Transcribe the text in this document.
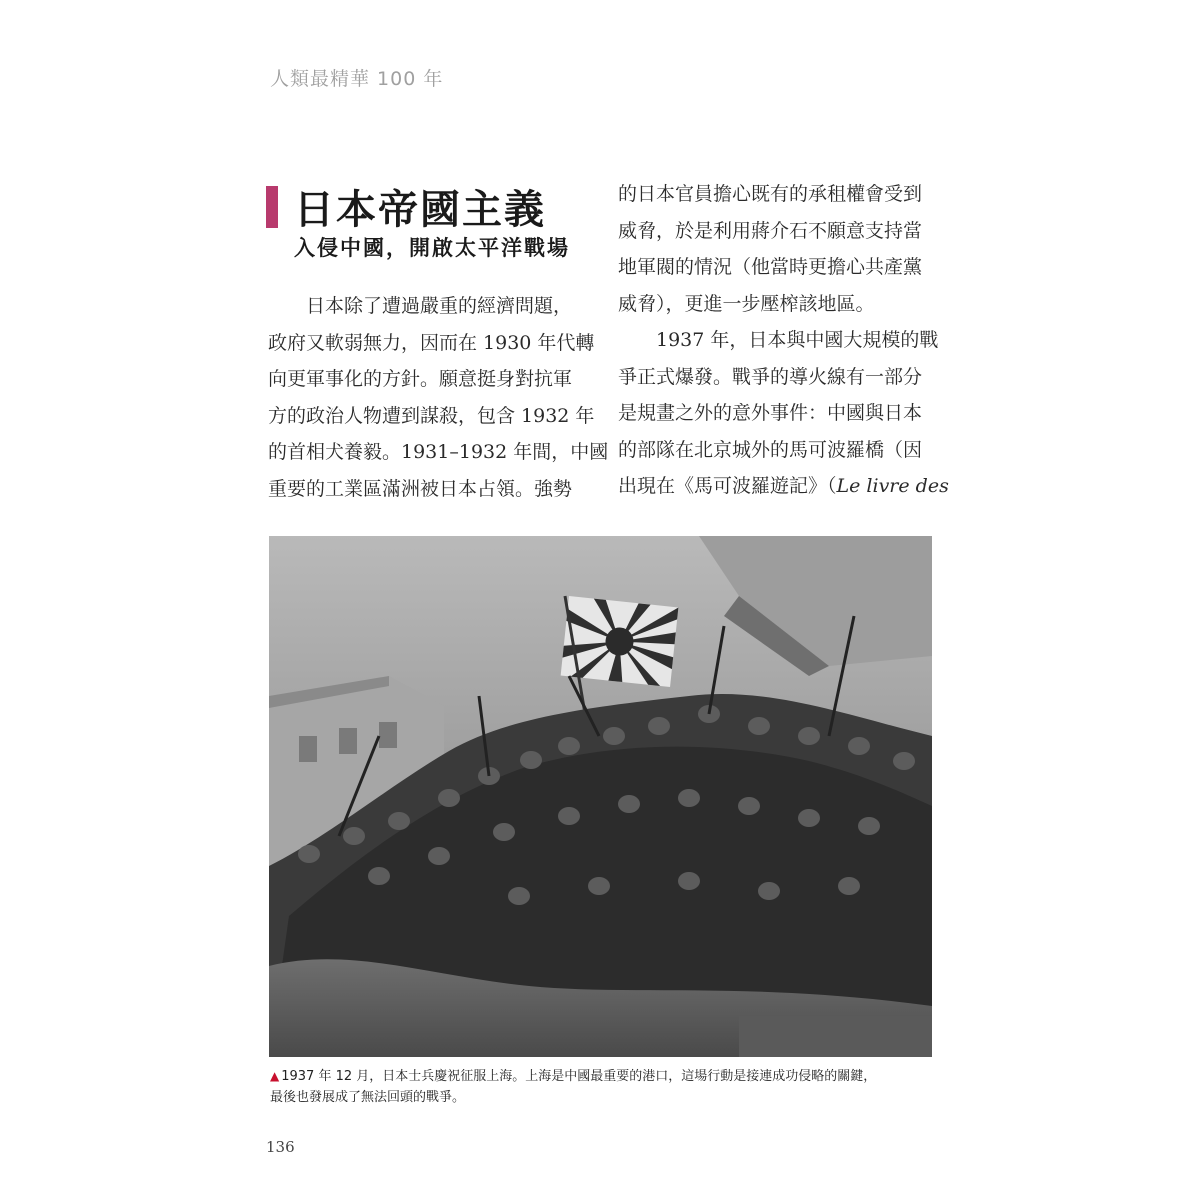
人類最精華 100 年
日本帝國主義
入侵中國，開啟太平洋戰場
日本除了遭過嚴重的經濟問題，
政府又軟弱無力，因而在 1930 年代轉
向更軍事化的方針。願意挺身對抗軍
方的政治人物遭到謀殺，包含 1932 年
的首相犬養毅。1931–1932 年間，中國
重要的工業區滿洲被日本占領。強勢
的日本官員擔心既有的承租權會受到
威脅，於是利用蔣介石不願意支持當
地軍閥的情況（他當時更擔心共產黨
威脅），更進一步壓榨該地區。
1937 年，日本與中國大規模的戰
爭正式爆發。戰爭的導火線有一部分
是規畫之外的意外事件：中國與日本
的部隊在北京城外的馬可波羅橋（因
出現在《馬可波羅遊記》（Le livre des
▲ 1937 年 12 月，日本士兵慶祝征服上海。上海是中國最重要的港口，這場行動是接連成功侵略的關鍵，
最後也發展成了無法回頭的戰爭。
136
